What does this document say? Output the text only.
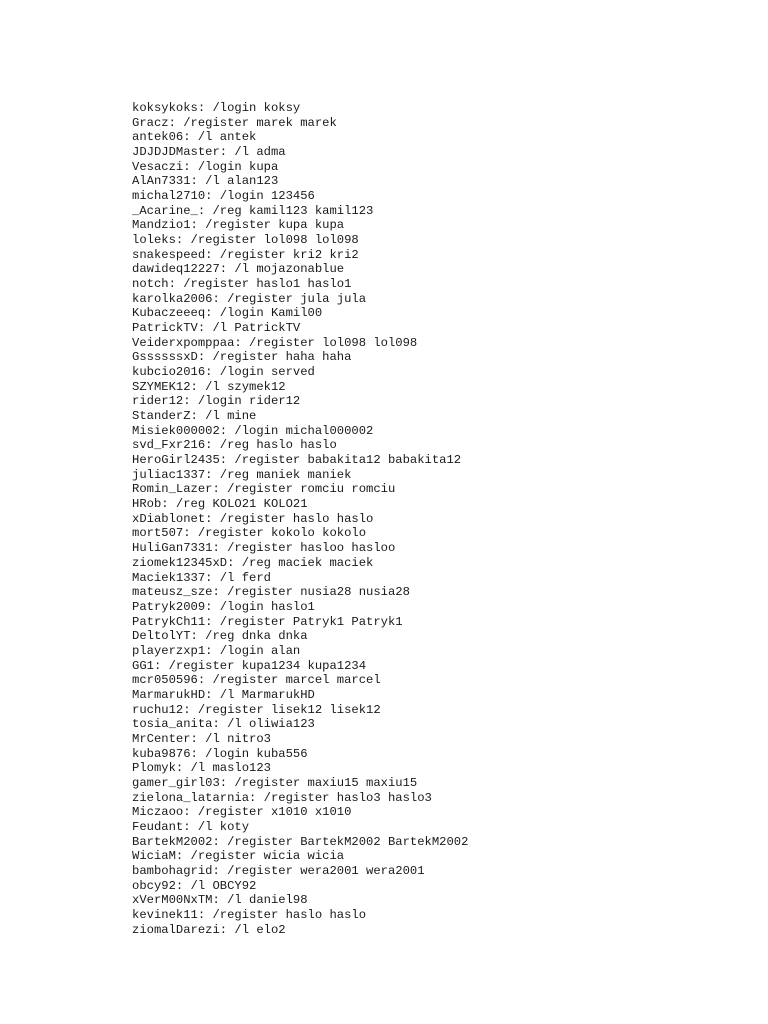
koksykoks: /login koksy
Gracz: /register marek marek
antek06: /l antek
JDJDJDMaster: /l adma
Vesaczi: /login kupa
AlAn7331: /l alan123
michal2710: /login 123456
_Acarine_: /reg kamil123 kamil123
Mandzio1: /register kupa kupa
loleks: /register lol098 lol098
snakespeed: /register kri2 kri2
dawideq12227: /l mojazonablue
notch: /register haslo1 haslo1
karolka2006: /register jula jula
Kubaczeeeq: /login Kamil00
PatrickTV: /l PatrickTV
Veiderxpomppaa: /register lol098 lol098
GssssssxD: /register haha haha
kubcio2016: /login served
SZYMEK12: /l szymek12
rider12: /login rider12
StanderZ: /l mine
Misiek000002: /login michal000002
svd_Fxr216: /reg haslo haslo
HeroGirl2435: /register babakita12 babakita12
juliac1337: /reg maniek maniek
Romin_Lazer: /register romciu romciu
HRob: /reg KOLO21 KOLO21
xDiablonet: /register haslo haslo
mort507: /register kokolo kokolo
HuliGan7331: /register hasloo hasloo
ziomek12345xD: /reg maciek maciek
Maciek1337: /l ferd
mateusz_sze: /register nusia28 nusia28
Patryk2009: /login haslo1
PatrykCh11: /register Patryk1 Patryk1
DeltolYT: /reg dnka dnka
playerzxp1: /login alan
GG1: /register kupa1234 kupa1234
mcr050596: /register marcel marcel
MarmarukHD: /l MarmarukHD
ruchu12: /register lisek12 lisek12
tosia_anita: /l oliwia123
MrCenter: /l nitro3
kuba9876: /login kuba556
Plomyk: /l maslo123
gamer_girl03: /register maxiu15 maxiu15
zielona_latarnia: /register haslo3 haslo3
Miczaoo: /register x1010 x1010
Feudant: /l koty
BartekM2002: /register BartekM2002 BartekM2002
WiciaM: /register wicia wicia
bambohagrid: /register wera2001 wera2001
obcy92: /l OBCY92
xVerM00NxTM: /l daniel98
kevinek11: /register haslo haslo
ziomalDarezi: /l elo2
